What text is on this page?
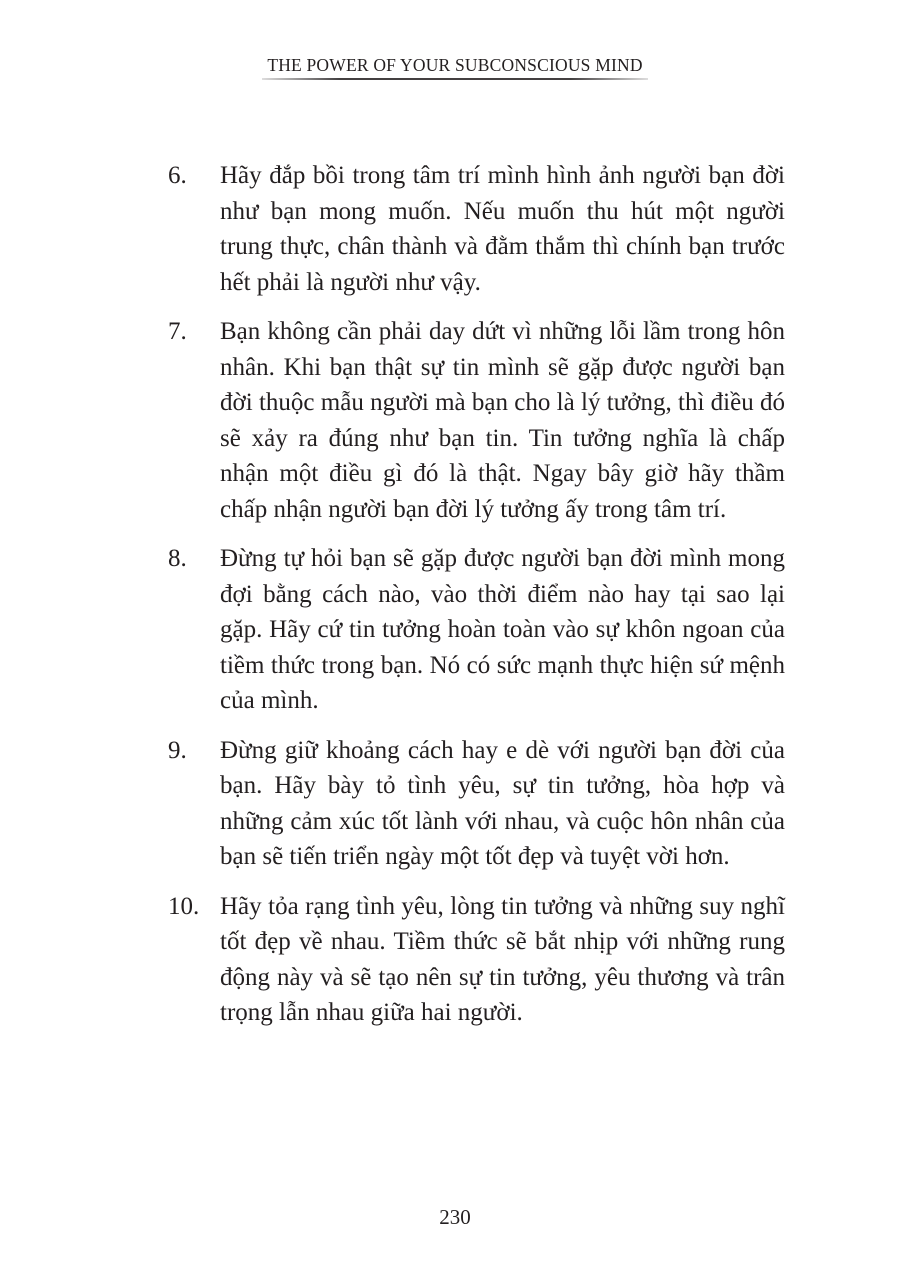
THE POWER OF YOUR SUBCONSCIOUS MIND
6. Hãy đắp bồi trong tâm trí mình hình ảnh người bạn đời như bạn mong muốn. Nếu muốn thu hút một người trung thực, chân thành và đằm thắm thì chính bạn trước hết phải là người như vậy.

7. Bạn không cần phải day dứt vì những lỗi lầm trong hôn nhân. Khi bạn thật sự tin mình sẽ gặp được người bạn đời thuộc mẫu người mà bạn cho là lý tưởng, thì điều đó sẽ xảy ra đúng như bạn tin. Tin tưởng nghĩa là chấp nhận một điều gì đó là thật. Ngay bây giờ hãy thầm chấp nhận người bạn đời lý tưởng ấy trong tâm trí.

8. Đừng tự hỏi bạn sẽ gặp được người bạn đời mình mong đợi bằng cách nào, vào thời điểm nào hay tại sao lại gặp. Hãy cứ tin tưởng hoàn toàn vào sự khôn ngoan của tiềm thức trong bạn. Nó có sức mạnh thực hiện sứ mệnh của mình.

9. Đừng giữ khoảng cách hay e dè với người bạn đời của bạn. Hãy bày tỏ tình yêu, sự tin tưởng, hòa hợp và những cảm xúc tốt lành với nhau, và cuộc hôn nhân của bạn sẽ tiến triển ngày một tốt đẹp và tuyệt vời hơn.

10. Hãy tỏa rạng tình yêu, lòng tin tưởng và những suy nghĩ tốt đẹp về nhau. Tiềm thức sẽ bắt nhịp với những rung động này và sẽ tạo nên sự tin tưởng, yêu thương và trân trọng lẫn nhau giữa hai người.

230
